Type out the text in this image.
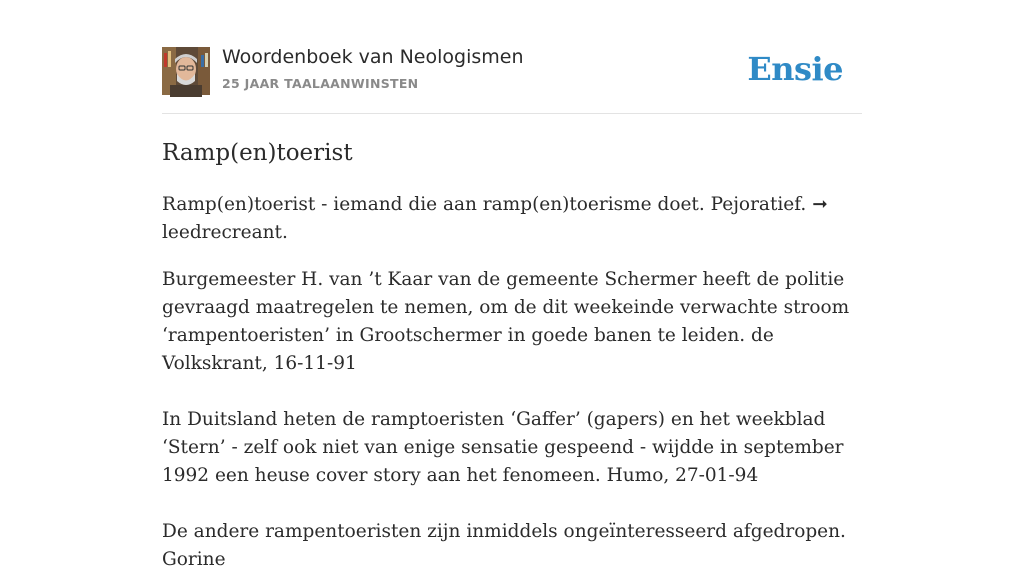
Woordenboek van Neologismen
25 JAAR TAALAANWINSTEN	Ensie
Ramp(en)toerist
Ramp(en)toerist - iemand die aan ramp(en)toerisme doet. Pejoratief. ➞ leedrecreant.
Burgemeester H. van ’t Kaar van de gemeente Schermer heeft de politie gevraagd maatregelen te nemen, om de dit weekeinde verwachte stroom ‘rampentoeristen’ in Grootschermer in goede banen te leiden. de Volkskrant, 16-11-91
In Duitsland heten de ramptoeristen ‘Gaffer’ (gapers) en het weekblad ‘Stern’ - zelf ook niet van enige sensatie gespeend - wijdde in september 1992 een heuse cover story aan het fenomeen. Humo, 27-01-94
De andere rampentoeristen zijn inmiddels ongeïnteresseerd afgedropen. Gorine
